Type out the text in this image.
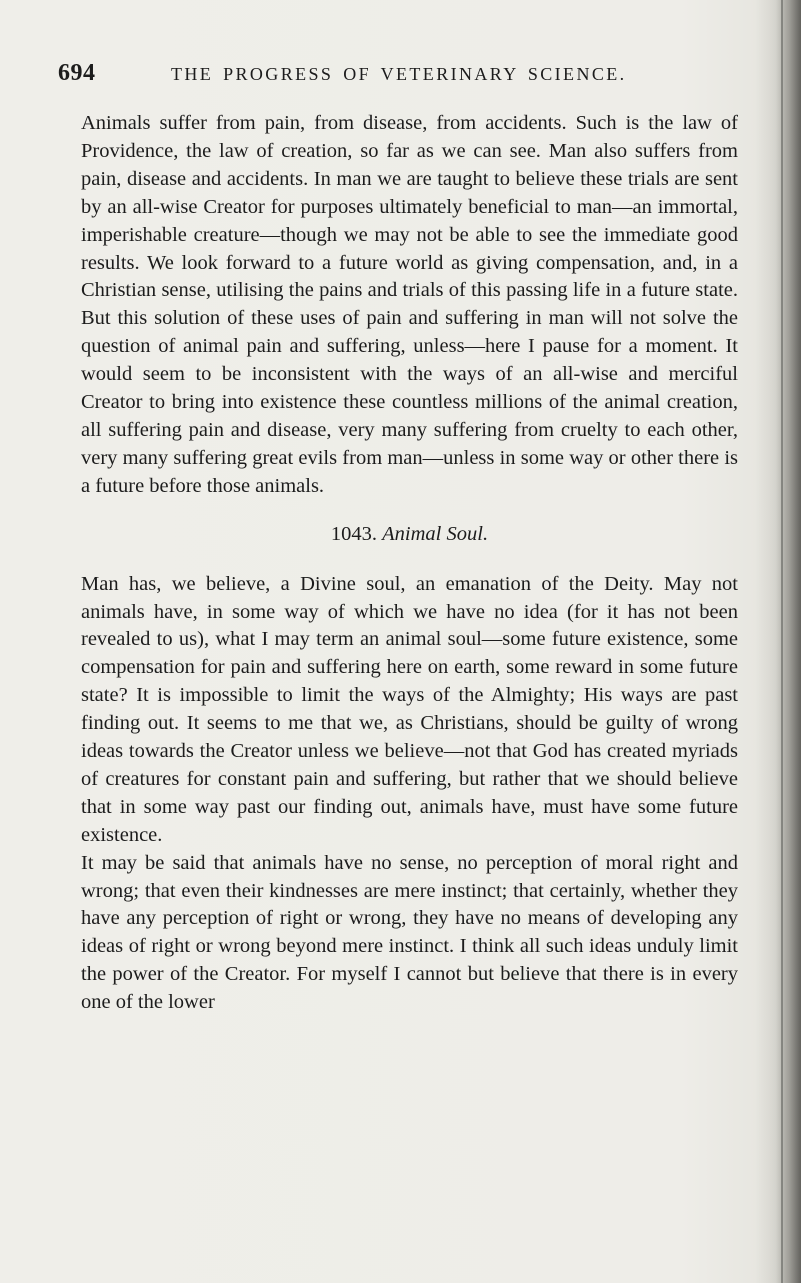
694	THE PROGRESS OF VETERINARY SCIENCE.

Animals suffer from pain, from disease, from accidents. Such is the law of Providence, the law of creation, so far as we can see. Man also suffers from pain, disease and accidents. In man we are taught to believe these trials are sent by an all-wise Creator for purposes ultimately beneficial to man—an immortal, imperishable creature—though we may not be able to see the immediate good results. We look forward to a future world as giving compensation, and, in a Christian sense, utilising the pains and trials of this passing life in a future state. But this solution of these uses of pain and suffering in man will not solve the question of animal pain and suffering, unless—here I pause for a moment. It would seem to be inconsistent with the ways of an all-wise and merciful Creator to bring into existence these countless millions of the animal creation, all suffering pain and disease, very many suffering from cruelty to each other, very many suffering great evils from man—unless in some way or other there is a future before those animals.

1043. Animal Soul.

Man has, we believe, a Divine soul, an emanation of the Deity. May not animals have, in some way of which we have no idea (for it has not been revealed to us), what I may term an animal soul—some future existence, some compensation for pain and suffering here on earth, some reward in some future state? It is impossible to limit the ways of the Almighty; His ways are past finding out. It seems to me that we, as Christians, should be guilty of wrong ideas towards the Creator unless we believe—not that God has created myriads of creatures for constant pain and suffering, but rather that we should believe that in some way past our finding out, animals have, must have some future existence.

It may be said that animals have no sense, no perception of moral right and wrong; that even their kindnesses are mere instinct; that certainly, whether they have any perception of right or wrong, they have no means of developing any ideas of right or wrong beyond mere instinct. I think all such ideas unduly limit the power of the Creator. For myself I cannot but believe that there is in every one of the lower
